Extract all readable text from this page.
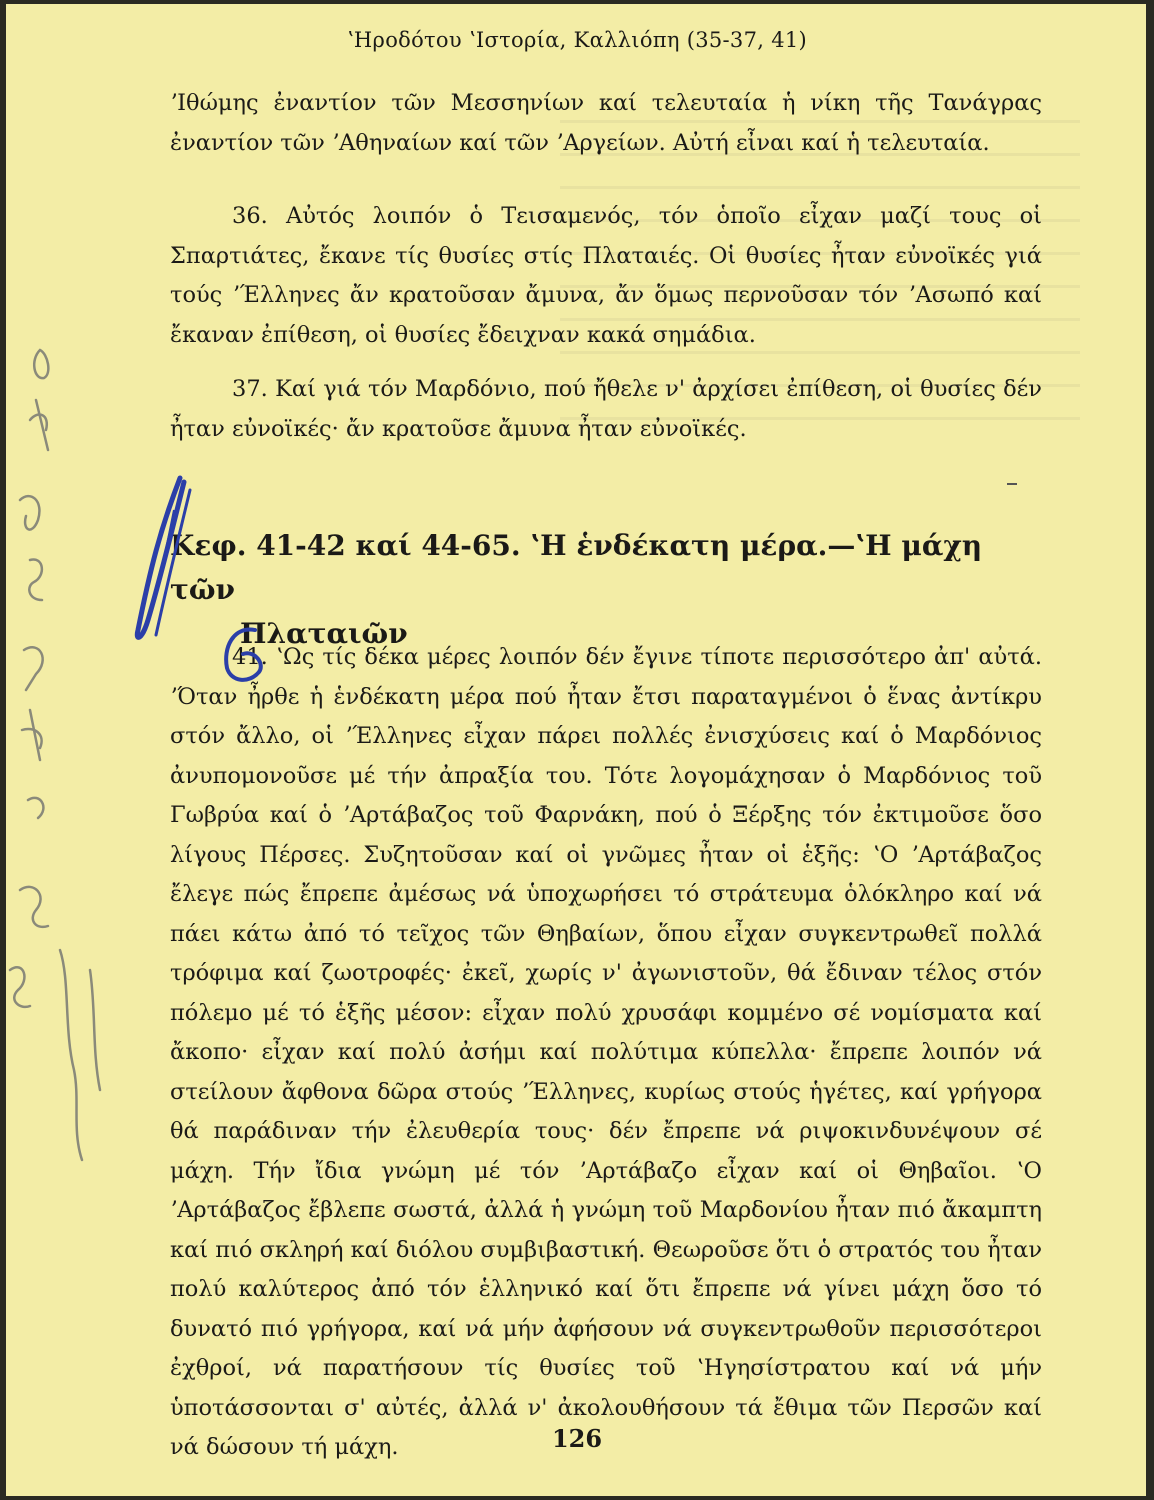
ʽΗροδότου ʽΙστορία, Καλλιόπη (35-37, 41)

ʼΙθώμης ἐναντίον τῶν Μεσσηνίων καί τελευταία ἡ νίκη τῆς Τανάγρας ἐναντίον τῶν ʼΑθηναίων καί τῶν ʼΑργείων. Αὐτή εἶναι καί ἡ τελευταία.

36. Αὐτός λοιπόν ὁ Τεισαμενός, τόν ὁποῖο εἶχαν μαζί τους οἱ Σπαρτιάτες, ἔκανε τίς θυσίες στίς Πλαταιές. Οἱ θυσίες ἦταν εὐνοϊκές γιά τούς ʼΈλληνες ἄν κρατοῦσαν ἄμυνα, ἄν ὅμως περνοῦσαν τόν ʼΑσωπό καί ἔκαναν ἐπίθεση, οἱ θυσίες ἔδειχναν κακά σημάδια.

37. Καί γιά τόν Μαρδόνιο, πού ἤθελε ν' ἀρχίσει ἐπίθεση, οἱ θυσίες δέν ἦταν εὐνοϊκές· ἄν κρατοῦσε ἄμυνα ἦταν εὐνοϊκές.

Κεφ. 41-42 καί 44-65. ʽΗ ἑνδέκατη μέρα.—ʽΗ μάχη τῶν
Πλαταιῶν

41. ʽΩς τίς δέκα μέρες λοιπόν δέν ἔγινε τίποτε περισσότερο ἀπ' αὐτά. ʼΌταν ἦρθε ἡ ἑνδέκατη μέρα πού ἦταν ἔτσι παραταγμένοι ὁ ἕνας ἀντίκρυ στόν ἄλλο, οἱ ʼΈλληνες εἶχαν πάρει πολλές ἐνισχύσεις καί ὁ Μαρδόνιος ἀνυπομονοῦσε μέ τήν ἀπραξία του. Τότε λογομάχησαν ὁ Μαρδόνιος τοῦ Γωβρύα καί ὁ ʼΑρτάβαζος τοῦ Φαρνάκη, πού ὁ Ξέρξης τόν ἐκτιμοῦσε ὅσο λίγους Πέρσες. Συζητοῦσαν καί οἱ γνῶμες ἦταν οἱ ἑξῆς: ʽΟ ʼΑρτάβαζος ἔλεγε πώς ἔπρεπε ἀμέσως νά ὑποχωρήσει τό στράτευμα ὁλόκληρο καί νά πάει κάτω ἀπό τό τεῖχος τῶν Θηβαίων, ὅπου εἶχαν συγκεντρωθεῖ πολλά τρόφιμα καί ζωοτροφές· ἐκεῖ, χωρίς ν' ἀγωνιστοῦν, θά ἔδιναν τέλος στόν πόλεμο μέ τό ἑξῆς μέσον: εἶχαν πολύ χρυσάφι κομμένο σέ νομίσματα καί ἄκοπο· εἶχαν καί πολύ ἀσήμι καί πολύτιμα κύπελλα· ἔπρεπε λοιπόν νά στείλουν ἄφθονα δῶρα στούς ʼΈλληνες, κυρίως στούς ἡγέτες, καί γρήγορα θά παράδιναν τήν ἐλευθερία τους· δέν ἔπρεπε νά ριψοκινδυνέψουν σέ μάχη. Τήν ἴδια γνώμη μέ τόν ʼΑρτάβαζο εἶχαν καί οἱ Θηβαῖοι. ʽΟ ʼΑρτάβαζος ἔβλεπε σωστά, ἀλλά ἡ γνώμη τοῦ Μαρδονίου ἦταν πιό ἄκαμπτη καί πιό σκληρή καί διόλου συμβιβαστική. Θεωροῦσε ὅτι ὁ στρατός του ἦταν πολύ καλύτερος ἀπό τόν ἑλληνικό καί ὅτι ἔπρεπε νά γίνει μάχη ὅσο τό δυνατό πιό γρήγορα, καί νά μήν ἀφήσουν νά συγκεντρωθοῦν περισσότεροι ἐχθροί, νά παρατήσουν τίς θυσίες τοῦ ʽΗγησίστρατου καί νά μήν ὑποτάσσονται σ' αὐτές, ἀλλά ν' ἀκολουθήσουν τά ἔθιμα τῶν Περσῶν καί νά δώσουν τή μάχη.	126
